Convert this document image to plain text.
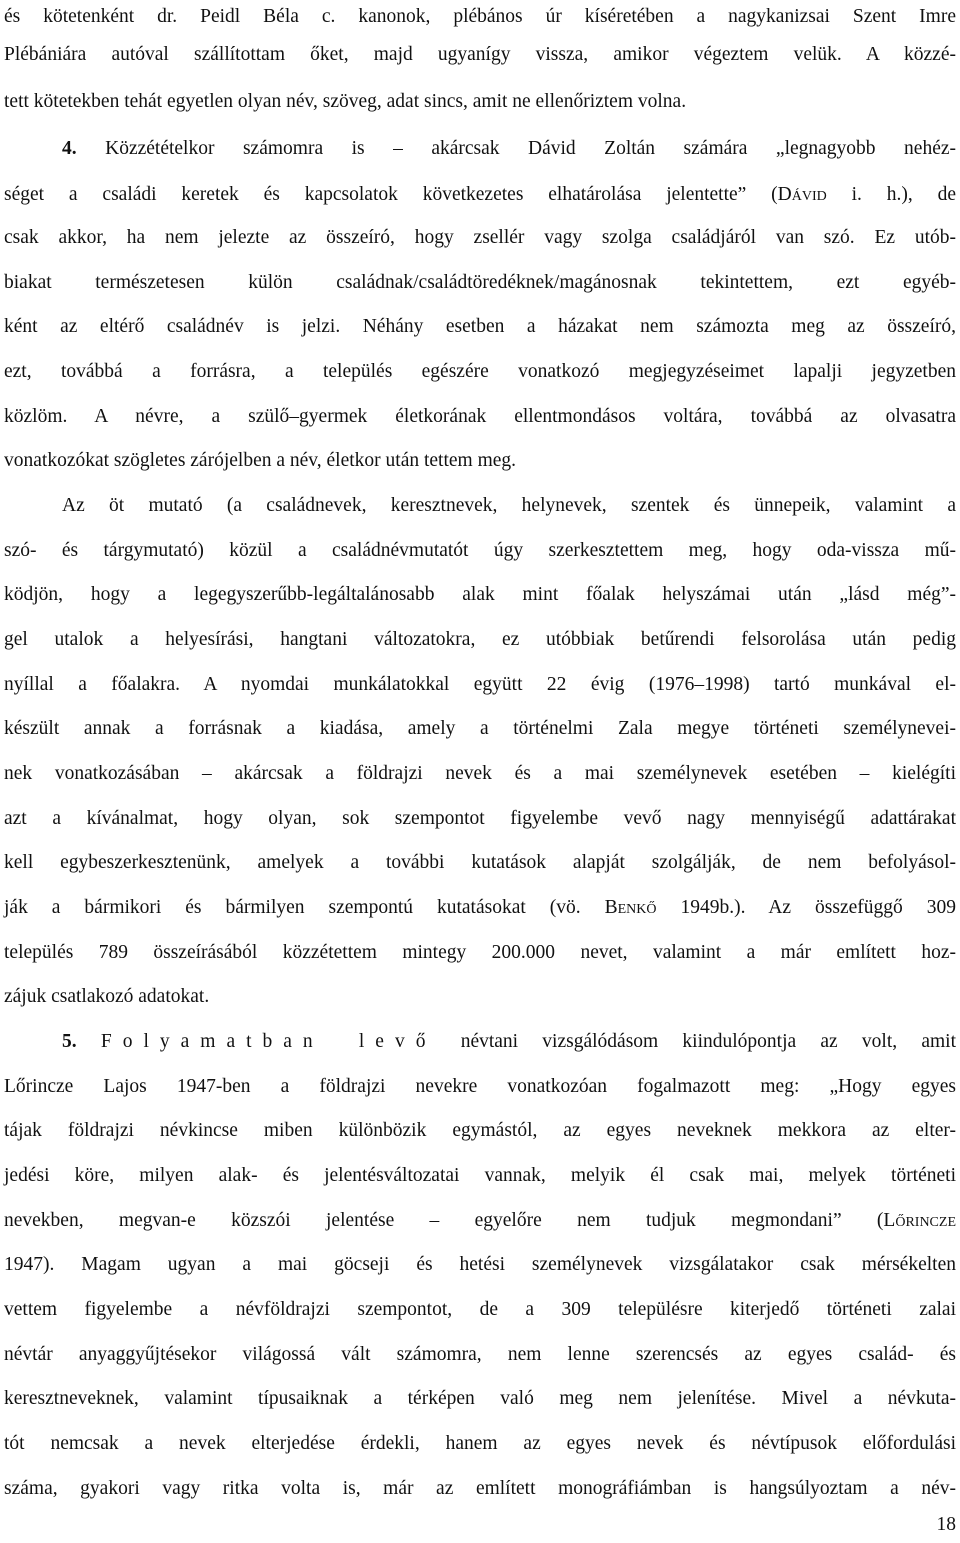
és kötetenként dr. Peidl Béla c. kanonok, plébános úr kíséretében a nagykanizsai Szent Imre
Plébániára autóval szállítottam őket, majd ugyanígy vissza, amikor végeztem velük. A közzé-
tett kötetekben tehát egyetlen olyan név, szöveg, adat sincs, amit ne ellenőriztem volna.
4. Közzétételkor számomra is – akárcsak Dávid Zoltán számára „legnagyobb nehéz-
séget a családi keretek és kapcsolatok következetes elhatárolása jelentette” (Dávid i. h.), de
csak akkor, ha nem jelezte az összeíró, hogy zsellér vagy szolga családjáról van szó. Ez utób-
biakat természetesen külön családnak/családtöredéknek/magánosnak tekintettem, ezt egyéb-
ként az eltérő családnév is jelzi. Néhány esetben a házakat nem számozta meg az összeíró,
ezt, továbbá a forrásra, a település egészére vonatkozó megjegyzéseimet lapalji jegyzetben
közlöm. A névre, a szülő–gyermek életkorának ellentmondásos voltára, továbbá az olvasatra
vonatkozókat szögletes zárójelben a név, életkor után tettem meg.
Az öt mutató (a családnevek, keresztnevek, helynevek, szentek és ünnepeik, valamint a
szó- és tárgymutató) közül a családnévmutatót úgy szerkesztettem meg, hogy oda-vissza mű-
ködjön, hogy a legegyszerűbb-legáltalánosabb alak mint főalak helyszámai után „lásd még”-
gel utalok a helyesírási, hangtani változatokra, ez utóbbiak betűrendi felsorolása után pedig
nyíllal a főalakra. A nyomdai munkálatokkal együtt 22 évig (1976–1998) tartó munkával el-
készült annak a forrásnak a kiadása, amely a történelmi Zala megye történeti személynevei-
nek vonatkozásában – akárcsak a földrajzi nevek és a mai személynevek esetében – kielégíti
azt a kívánalmat, hogy olyan, sok szempontot figyelembe vevő nagy mennyiségű adattárakat
kell egybeszerkesztenünk, amelyek a további kutatások alapját szolgálják, de nem befolyásol-
ják a bármikori és bármilyen szempontú kutatásokat (vö. Benkő 1949b.). Az összefüggő 309
település 789 összeírásából közzétettem mintegy 200.000 nevet, valamint a már említett hoz-
zájuk csatlakozó adatokat.
5. Folyamatban levő névtani vizsgálódásom kiindulópontja az volt, amit
Lőrincze Lajos 1947-ben a földrajzi nevekre vonatkozóan fogalmazott meg: „Hogy egyes
tájak földrajzi névkincse miben különbözik egymástól, az egyes neveknek mekkora az elter-
jedési köre, milyen alak- és jelentésváltozatai vannak, melyik él csak mai, melyek történeti
nevekben, megvan-e közszói jelentése – egyelőre nem tudjuk megmondani” (Lőrincze
1947). Magam ugyan a mai göcseji és hetési személynevek vizsgálatakor csak mérsékelten
vettem figyelembe a névföldrajzi szempontot, de a 309 településre kiterjedő történeti zalai
névtár anyaggyűjtésekor világossá vált számomra, nem lenne szerencsés az egyes család- és
keresztneveknek, valamint típusaiknak a térképen való meg nem jelenítése. Mivel a névkuta-
tót nemcsak a nevek elterjedése érdekli, hanem az egyes nevek és névtípusok előfordulási
száma, gyakori vagy ritka volta is, már az említett monográfiámban is hangsúlyoztam a név-
18
